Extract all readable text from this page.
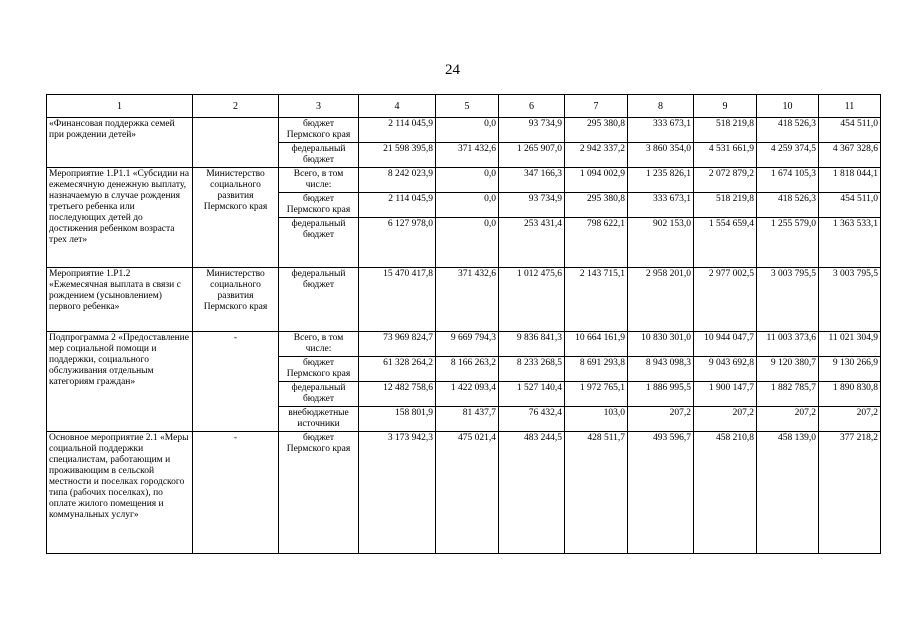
24
1	2	3	4	5	6	7	8	9	10	11
«Финансовая поддержка семей при рождении детей»		бюджет Пермского края	2 114 045,9	0,0	93 734,9	295 380,8	333 673,1	518 219,8	418 526,3	454 511,0
		федеральный бюджет	21 598 395,8	371 432,6	1 265 907,0	2 942 337,2	3 860 354,0	4 531 661,9	4 259 374,5	4 367 328,6
Мероприятие 1.Р1.1 «Субсидии на ежемесячную денежную выплату, назначаемую в случае рождения третьего ребенка или последующих детей до достижения ребенком возраста трех лет»	Министерство социального развития Пермского края	Всего, в том числе:	8 242 023,9	0,0	347 166,3	1 094 002,9	1 235 826,1	2 072 879,2	1 674 105,3	1 818 044,1
		бюджет Пермского края	2 114 045,9	0,0	93 734,9	295 380,8	333 673,1	518 219,8	418 526,3	454 511,0
		федеральный бюджет	6 127 978,0	0,0	253 431,4	798 622,1	902 153,0	1 554 659,4	1 255 579,0	1 363 533,1
Мероприятие 1.Р1.2 «Ежемесячная выплата в связи с рождением (усыновлением) первого ребенка»	Министерство социального развития Пермского края	федеральный бюджет	15 470 417,8	371 432,6	1 012 475,6	2 143 715,1	2 958 201,0	2 977 002,5	3 003 795,5	3 003 795,5
Подпрограмма 2 «Предоставление мер социальной помощи и поддержки, социального обслуживания отдельным категориям граждан»	-	Всего, в том числе:	73 969 824,7	9 669 794,3	9 836 841,3	10 664 161,9	10 830 301,0	10 944 047,7	11 003 373,6	11 021 304,9
		бюджет Пермского края	61 328 264,2	8 166 263,2	8 233 268,5	8 691 293,8	8 943 098,3	9 043 692,8	9 120 380,7	9 130 266,9
		федеральный бюджет	12 482 758,6	1 422 093,4	1 527 140,4	1 972 765,1	1 886 995,5	1 900 147,7	1 882 785,7	1 890 830,8
		внебюджетные источники	158 801,9	81 437,7	76 432,4	103,0	207,2	207,2	207,2	207,2
Основное мероприятие 2.1 «Меры социальной поддержки специалистам, работающим и проживающим в сельской местности и поселках городского типа (рабочих поселках), по оплате жилого помещения и коммунальных услуг»	-	бюджет Пермского края	3 173 942,3	475 021,4	483 244,5	428 511,7	493 596,7	458 210,8	458 139,0	377 218,2
